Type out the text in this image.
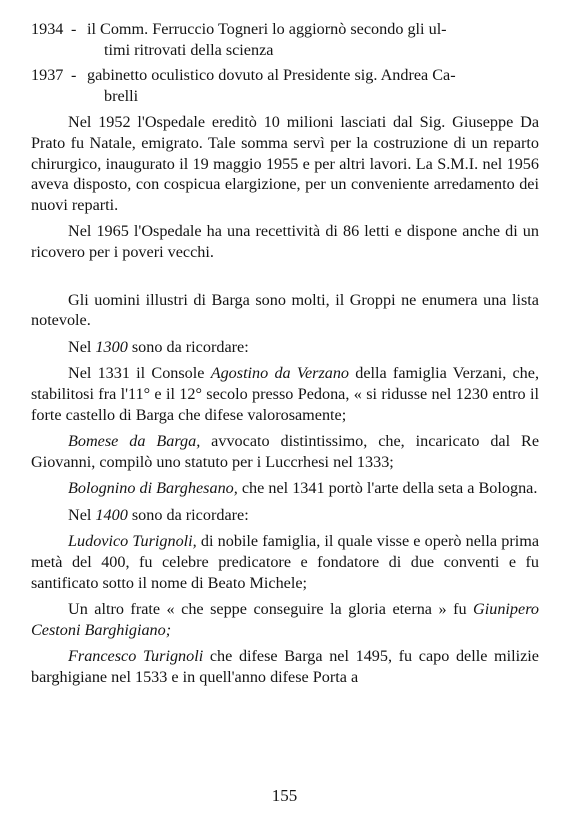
1934 - il Comm. Ferruccio Togneri lo aggiornò secondo gli ul-
timi ritrovati della scienza
1937 - gabinetto oculistico dovuto al Presidente sig. Andrea Ca-
brelli

Nel 1952 l'Ospedale ereditò 10 milioni lasciati dal Sig. Giuseppe Da Prato fu Natale, emigrato. Tale somma servì per la costruzione di un reparto chirurgico, inaugurato il 19 maggio 1955 e per altri lavori. La S.M.I. nel 1956 aveva disposto, con cospicua elargizione, per un conveniente arredamento dei nuovi reparti.

Nel 1965 l'Ospedale ha una recettività di 86 letti e dispone anche di un ricovero per i poveri vecchi.

Gli uomini illustri di Barga sono molti, il Groppi ne enumera una lista notevole.

Nel 1300 sono da ricordare:

Nel 1331 il Console Agostino da Verzano della famiglia Verzani, che, stabilitosi fra l'11° e il 12° secolo presso Pedona, « si ridusse nel 1230 entro il forte castello di Barga che difese valorosamente;

Bomese da Barga, avvocato distintissimo, che, incaricato dal Re Giovanni, compilò uno statuto per i Luccrhesi nel 1333;

Bolognino di Barghesano, che nel 1341 portò l'arte della seta a Bologna.

Nel 1400 sono da ricordare:

Ludovico Turignoli, di nobile famiglia, il quale visse e operò nella prima metà del 400, fu celebre predicatore e fondatore di due conventi e fu santificato sotto il nome di Beato Michele;

Un altro frate « che seppe conseguire la gloria eterna » fu Giunipero Cestoni Barghigiano;

Francesco Turignoli che difese Barga nel 1495, fu capo delle milizie barghigiane nel 1533 e in quell'anno difese Porta a

155
